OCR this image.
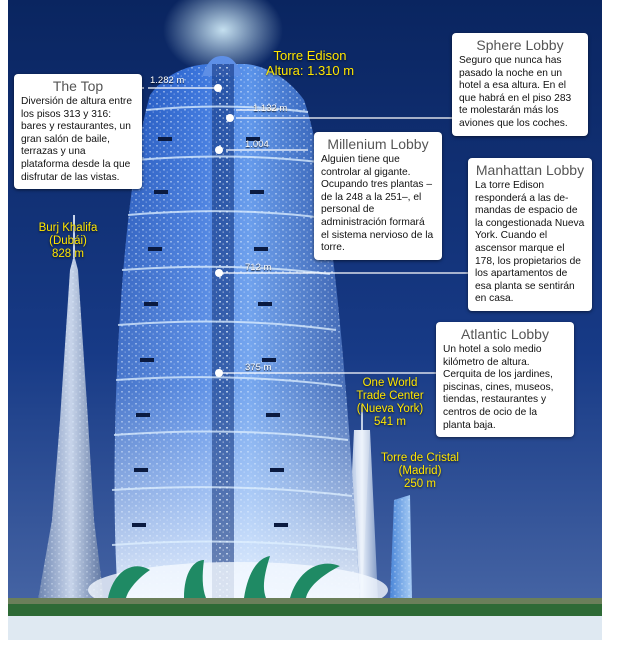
Torre Edison
Altura: 1.310 m
1.282 m
1.132 m
1.004
712 m
375 m
Burj Khalifa
(Dubái)
828 m
One World
Trade Center
(Nueva York)
541 m
Torre de Cristal
(Madrid)
250 m
The Top
Diversión de altura entre los pisos 313 y 316: bares y restaurantes, un gran salón de baile, terrazas y una plataforma desde la que disfrutar de las vistas.
Sphere Lobby
Seguro que nunca has pasado la noche en un hotel a esa altura. En el que habrá en el piso 283 te molestarán más los aviones que los coches.
Millenium Lobby
Alguien tiene que controlar al gigante. Ocupando tres plantas –de la 248 a la 251–, el personal de administración formará el sistema nervioso de la torre.
Manhattan Lobby
La torre Edison responderá a las de-mandas de espacio de la congestionada Nueva York. Cuando el ascensor marque el 178, los propietarios de los apartamentos de esa planta se sentirán en casa.
Atlantic Lobby
Un hotel a solo medio kilómetro de altura. Cerquita de los jardines, piscinas, cines, museos, tiendas, restaurantes y centros de ocio de la planta baja.
